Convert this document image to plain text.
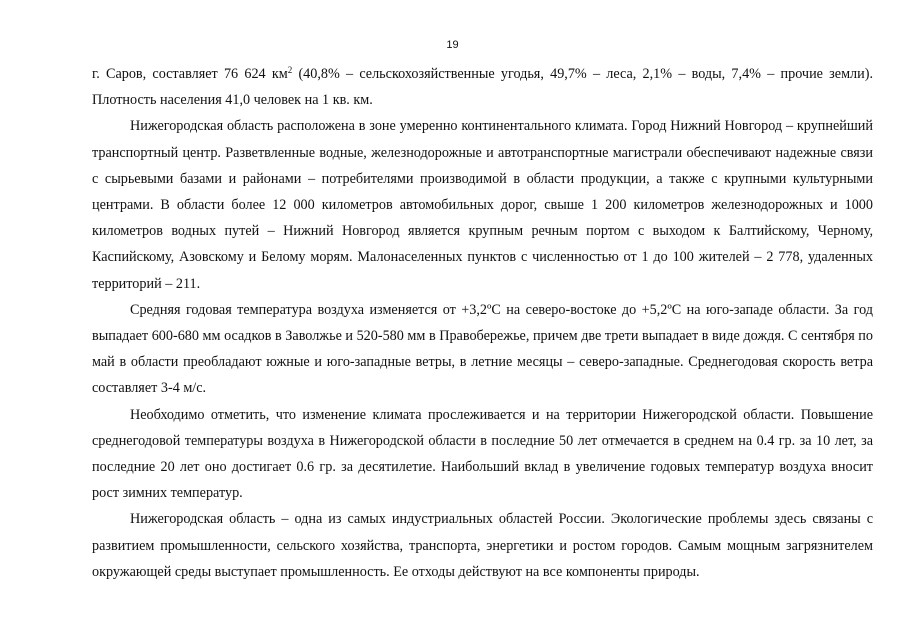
19

г. Саров, составляет 76 624 $км^2$ (40,8% – сельскохозяйственные угодья, 49,7% – леса, 2,1% – воды, 7,4% – прочие земли). Плотность населения 41,0 человек на 1 кв. км.

Нижегородская область расположена в зоне умеренно континентального климата. Город Нижний Новгород – крупнейший транспортный центр. Разветвленные водные, железнодорожные и автотранспортные магистрали обеспечивают надежные связи с сырьевыми базами и районами – потребителями производимой в области продукции, а также с крупными культурными центрами. В области более 12 000 километров автомобильных дорог, свыше 1 200 километров железнодорожных и 1000 километров водных путей – Нижний Новгород является крупным речным портом с выходом к Балтийскому, Черному, Каспийскому, Азовскому и Белому морям. Малонаселенных пунктов с численностью от 1 до 100 жителей – 2 778, удаленных территорий – 211.

Средняя годовая температура воздуха изменяется от +3,2ºС на северо-востоке до +5,2ºС на юго-западе области. За год выпадает 600-680 мм осадков в Заволжье и 520-580 мм в Правобережье, причем две трети выпадает в виде дождя. С сентября по май в области преобладают южные и юго-западные ветры, в летние месяцы – северо-западные. Среднегодовая скорость ветра составляет 3-4 м/с.

Необходимо отметить, что изменение климата прослеживается и на территории Нижегородской области. Повышение среднегодовой температуры воздуха в Нижегородской области в последние 50 лет отмечается в среднем на 0.4 гр. за 10 лет, за последние 20 лет оно достигает 0.6 гр. за десятилетие. Наибольший вклад в увеличение годовых температур воздуха вносит рост зимних температур.

Нижегородская область – одна из самых индустриальных областей России. Экологические проблемы здесь связаны с развитием промышленности, сельского хозяйства, транспорта, энергетики и ростом городов. Самым мощным загрязнителем окружающей среды выступает промышленность. Ее отходы действуют на все компоненты природы.
